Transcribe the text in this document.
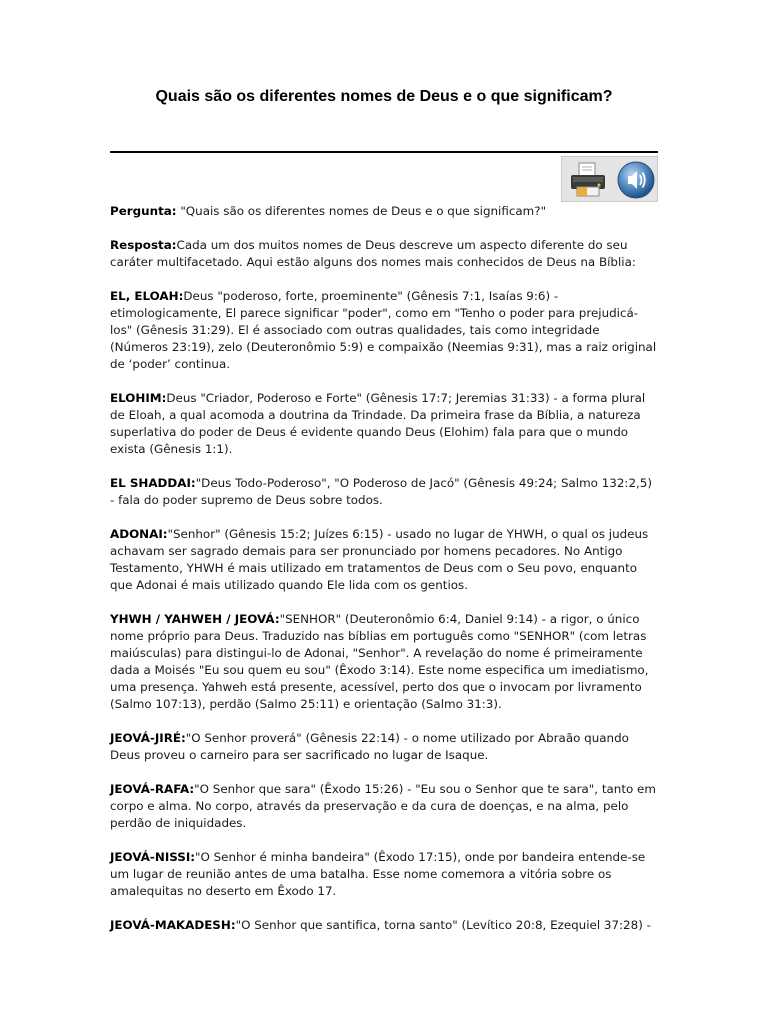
Quais são os diferentes nomes de Deus e o que significam?

Pergunta: "Quais são os diferentes nomes de Deus e o que significam?"

Resposta:Cada um dos muitos nomes de Deus descreve um aspecto diferente do seu caráter multifacetado. Aqui estão alguns dos nomes mais conhecidos de Deus na Bíblia:

EL, ELOAH:Deus "poderoso, forte, proeminente" (Gênesis 7:1, Isaías 9:6) - etimologicamente, El parece significar "poder", como em "Tenho o poder para prejudicá-los" (Gênesis 31:29). El é associado com outras qualidades, tais como integridade (Números 23:19), zelo (Deuteronômio 5:9) e compaixão (Neemias 9:31), mas a raiz original de ‘poder’ continua.

ELOHIM:Deus "Criador, Poderoso e Forte" (Gênesis 17:7; Jeremias 31:33) - a forma plural de Eloah, a qual acomoda a doutrina da Trindade. Da primeira frase da Bíblia, a natureza superlativa do poder de Deus é evidente quando Deus (Elohim) fala para que o mundo exista (Gênesis 1:1).

EL SHADDAI:"Deus Todo-Poderoso", "O Poderoso de Jacó" (Gênesis 49:24; Salmo 132:2,5) - fala do poder supremo de Deus sobre todos.

ADONAI:"Senhor" (Gênesis 15:2; Juízes 6:15) - usado no lugar de YHWH, o qual os judeus achavam ser sagrado demais para ser pronunciado por homens pecadores. No Antigo Testamento, YHWH é mais utilizado em tratamentos de Deus com o Seu povo, enquanto que Adonai é mais utilizado quando Ele lida com os gentios.

YHWH / YAHWEH / JEOVÁ:"SENHOR" (Deuteronômio 6:4, Daniel 9:14) - a rigor, o único nome próprio para Deus. Traduzido nas bíblias em português como "SENHOR" (com letras maiúsculas) para distingui-lo de Adonai, "Senhor". A revelação do nome é primeiramente dada a Moisés "Eu sou quem eu sou" (Êxodo 3:14). Este nome especifica um imediatismo, uma presença. Yahweh está presente, acessível, perto dos que o invocam por livramento (Salmo 107:13), perdão (Salmo 25:11) e orientação (Salmo 31:3).

JEOVÁ-JIRÉ:"O Senhor proverá" (Gênesis 22:14) - o nome utilizado por Abraão quando Deus proveu o carneiro para ser sacrificado no lugar de Isaque.

JEOVÁ-RAFA:"O Senhor que sara" (Êxodo 15:26) - "Eu sou o Senhor que te sara", tanto em corpo e alma. No corpo, através da preservação e da cura de doenças, e na alma, pelo perdão de iniquidades.

JEOVÁ-NISSI:"O Senhor é minha bandeira" (Êxodo 17:15), onde por bandeira entende-se um lugar de reunião antes de uma batalha. Esse nome comemora a vitória sobre os amalequitas no deserto em Êxodo 17.

JEOVÁ-MAKADESH:"O Senhor que santifica, torna santo" (Levítico 20:8, Ezequiel 37:28) -
